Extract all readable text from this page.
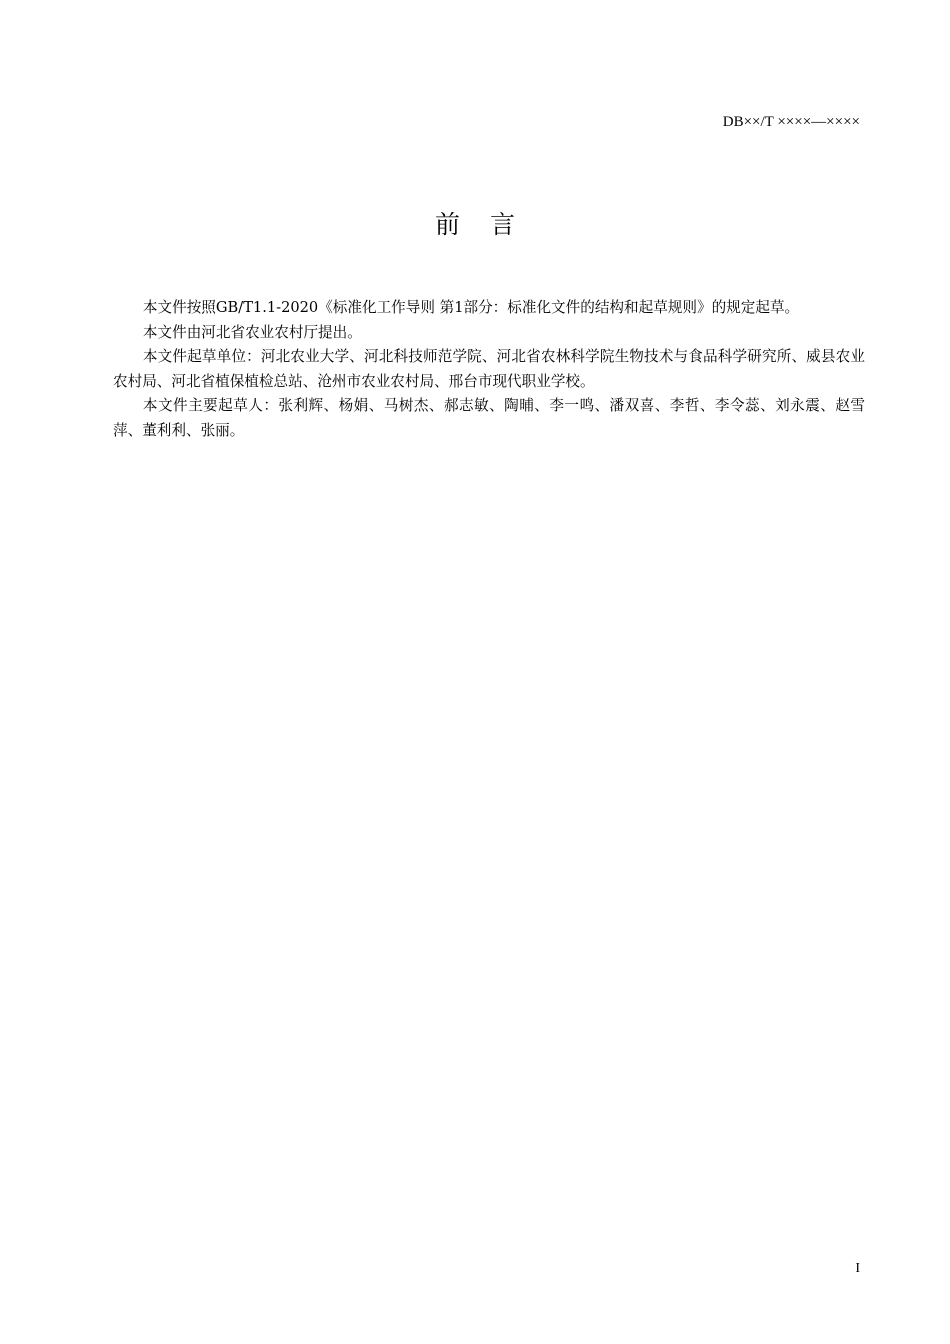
DB××/T ××××—××××
前言

本文件按照GB/T1.1-2020《标准化工作导则 第1部分：标准化文件的结构和起草规则》的规定起草。

本文件由河北省农业农村厅提出。

本文件起草单位：河北农业大学、河北科技师范学院、河北省农林科学院生物技术与食品科学研究所、威县农业农村局、河北省植保植检总站、沧州市农业农村局、邢台市现代职业学校。

本文件主要起草人：张利辉、杨娟、马树杰、郝志敏、陶晡、李一鸣、潘双喜、李哲、李令蕊、刘永震、赵雪萍、董利利、张丽。

I
